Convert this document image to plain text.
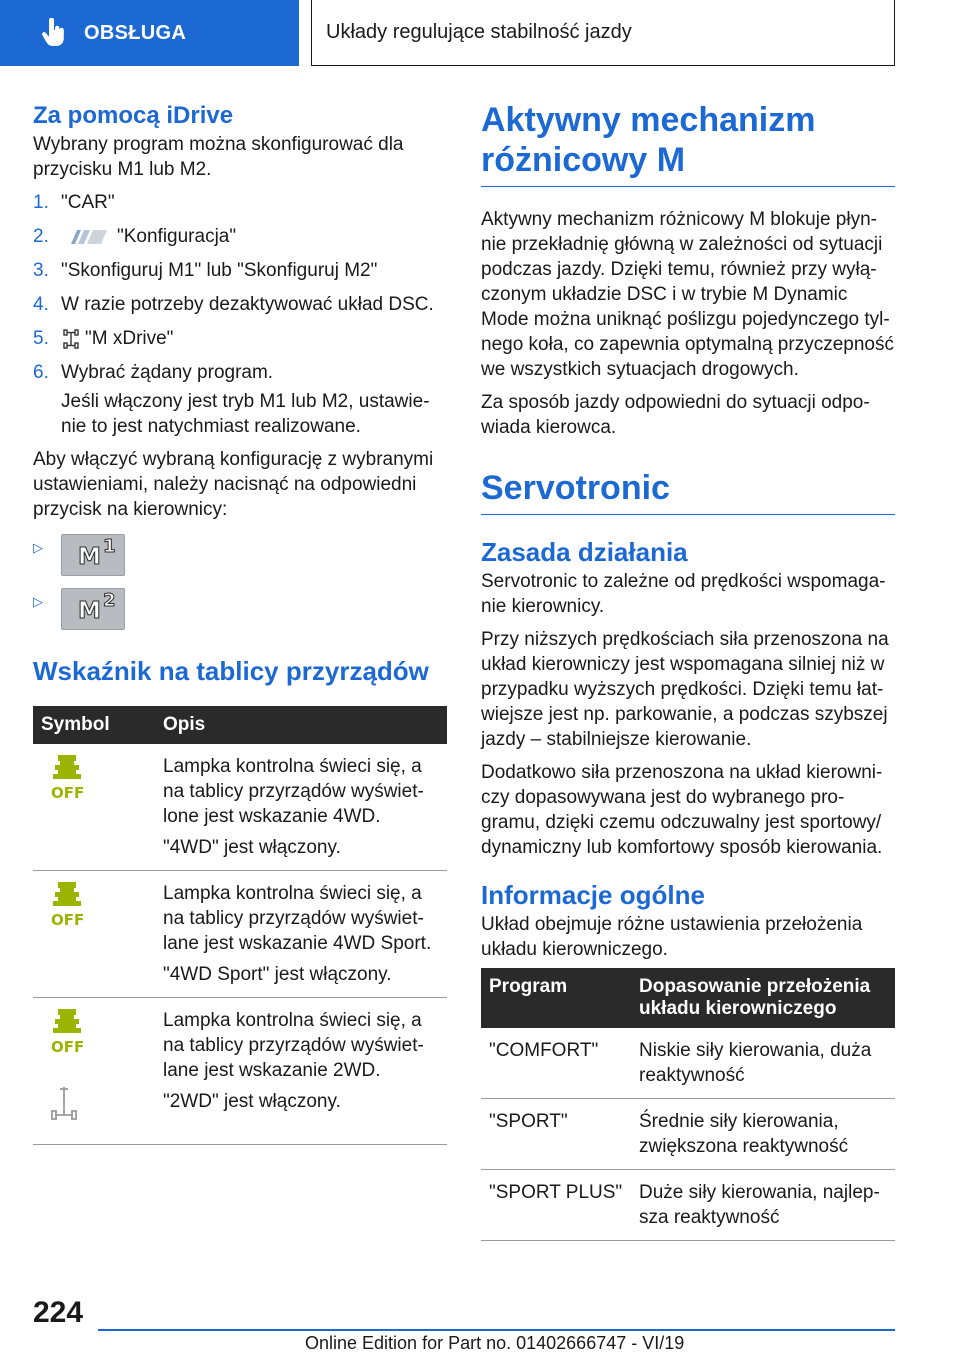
OBSŁUGA	Układy regulujące stabilność jazdy
Za pomocą iDrive
Wybrany program można skonfigurować dla przycisku M1 lub M2.
1. "CAR"
2.	"Konfiguracja"
3. "Skonfiguruj M1" lub "Skonfiguruj M2"
4. W razie potrzeby dezaktywować układ DSC.
5.	"M xDrive"
6. Wybrać żądany program.
Jeśli włączony jest tryb M1 lub M2, ustawie‐nie to jest natychmiast realizowane.
Aby włączyć wybraną konfigurację z wybranymi ustawieniami, należy nacisnąć na odpowiedni przycisk na kierownicy:
▷	M 1
▷	M 2
Wskaźnik na tablicy przyrządów
Symbol	Opis

OFF	Lampka kontrolna świeci się, a na tablicy przyrządów wyświet‐lone jest wskazanie 4WD.
"4WD" jest włączony.

OFF	Lampka kontrolna świeci się, a na tablicy przyrządów wyświet‐lane jest wskazanie 4WD Sport.
"4WD Sport" jest włączony.

OFF	Lampka kontrolna świeci się, a na tablicy przyrządów wyświet‐lane jest wskazanie 2WD.
"2WD" jest włączony.
Aktywny mechanizm różnicowy M
Aktywny mechanizm różnicowy M blokuje płyn‐nie przekładnię główną w zależności od sytuacji podczas jazdy. Dzięki temu, również przy wyłą‐czonym układzie DSC i w trybie M Dynamic Mode można uniknąć poślizgu pojedynczego tyl‐nego koła, co zapewnia optymalną przyczepność we wszystkich sytuacjach drogowych.
Za sposób jazdy odpowiedni do sytuacji odpo‐wiada kierowca.
Servotronic
Zasada działania
Servotronic to zależne od prędkości wspomaga‐nie kierownicy.
Przy niższych prędkościach siła przenoszona na układ kierowniczy jest wspomagana silniej niż w przypadku wyższych prędkości. Dzięki temu łat‐wiejsze jest np. parkowanie, a podczas szybszej jazdy – stabilniejsze kierowanie.
Dodatkowo siła przenoszona na układ kierowni‐czy dopasowywana jest do wybranego pro‐gramu, dzięki czemu odczuwalny jest sportowy/ dynamiczny lub komfortowy sposób kierowania.
Informacje ogólne
Układ obejmuje różne ustawienia przełożenia układu kierowniczego.
Program	Dopasowanie przełożenia układu kierowniczego
"COMFORT"	Niskie siły kierowania, duża reaktywność
"SPORT"	Średnie siły kierowania, zwiększona reaktywność
"SPORT PLUS"	Duże siły kierowania, najlep‐sza reaktywność
224
Online Edition for Part no. 01402666747 - VI/19
